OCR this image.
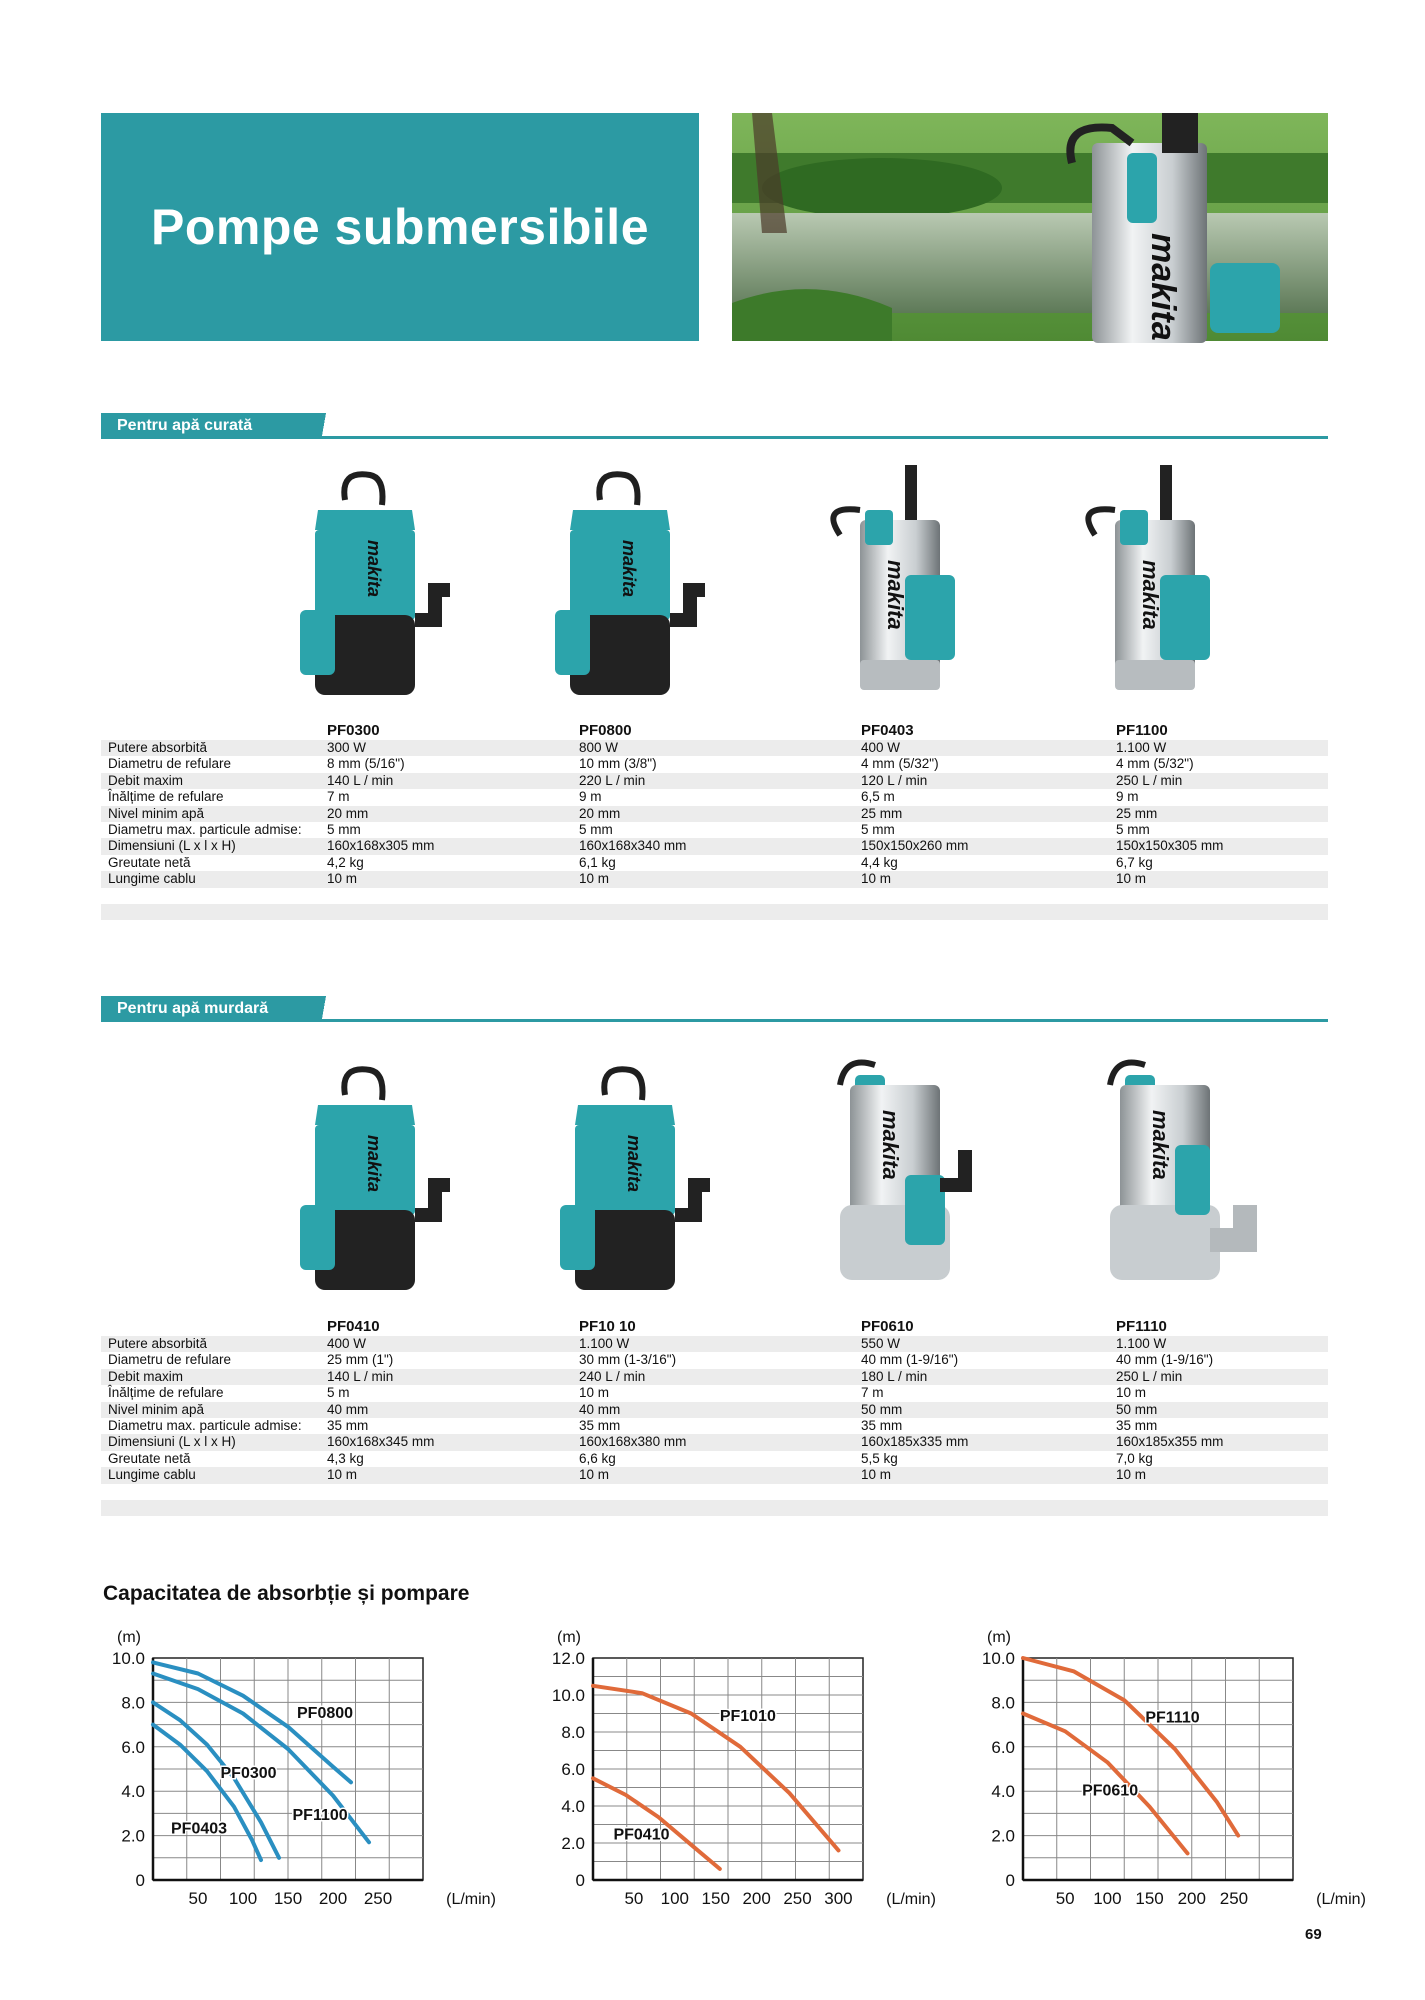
Pompe submersibile
makita
Pentru apă curată
makita	makita	makita	makita
PF0300	PF0800	PF0403	PF1100
Putere absorbită	300 W	800 W	400 W	1.100 W
Diametru de refulare	8 mm (5/16")	10 mm (3/8")	4 mm (5/32")	4 mm (5/32")
Debit maxim	140 L / min	220 L / min	120 L / min	250 L / min
Înălțime de refulare	7 m	9 m	6,5 m	9 m
Nivel minim apă	20 mm	20 mm	25 mm	25 mm
Diametru max. particule admise:	5 mm	5 mm	5 mm	5 mm
Dimensiuni (L x l x H)	160x168x305 mm	160x168x340 mm	150x150x260 mm	150x150x305 mm
Greutate netă	4,2 kg	6,1 kg	4,4 kg	6,7 kg
Lungime cablu	10 m	10 m	10 m	10 m
Pentru apă murdară
makita	makita	makita	makita
PF0410	PF10 10	PF0610	PF1110
Putere absorbită	400 W	1.100 W	550 W	1.100 W
Diametru de refulare	25 mm (1")	30 mm (1-3/16")	40 mm (1-9/16")	40 mm (1-9/16")
Debit maxim	140 L / min	240 L / min	180 L / min	250 L / min
Înălțime de refulare	5 m	10 m	7 m	10 m
Nivel minim apă	40 mm	40 mm	50 mm	50 mm
Diametru max. particule admise:	35 mm	35 mm	35 mm	35 mm
Dimensiuni (L x l x H)	160x168x345 mm	160x168x380 mm	160x185x335 mm	160x185x355 mm
Greutate netă	4,3 kg	6,6 kg	5,5 kg	7,0 kg
Lungime cablu	10 m	10 m	10 m	10 m
Capacitatea de absorbție și pompare
0
2.0
4.0
6.0
8.0
10.0
50 100 150 200 250
(m)
(L/min)
PF0800
PF1100
PF0300
PF0403
0
2.0
4.0
6.0
8.0
10.0
12.0
50 100 150 200 250 300
(m)
(L/min)
PF1010
PF0410
0
2.0
4.0
6.0
8.0
10.0
50 100 150 200 250
(m)
(L/min)
PF1110
PF0610
69
